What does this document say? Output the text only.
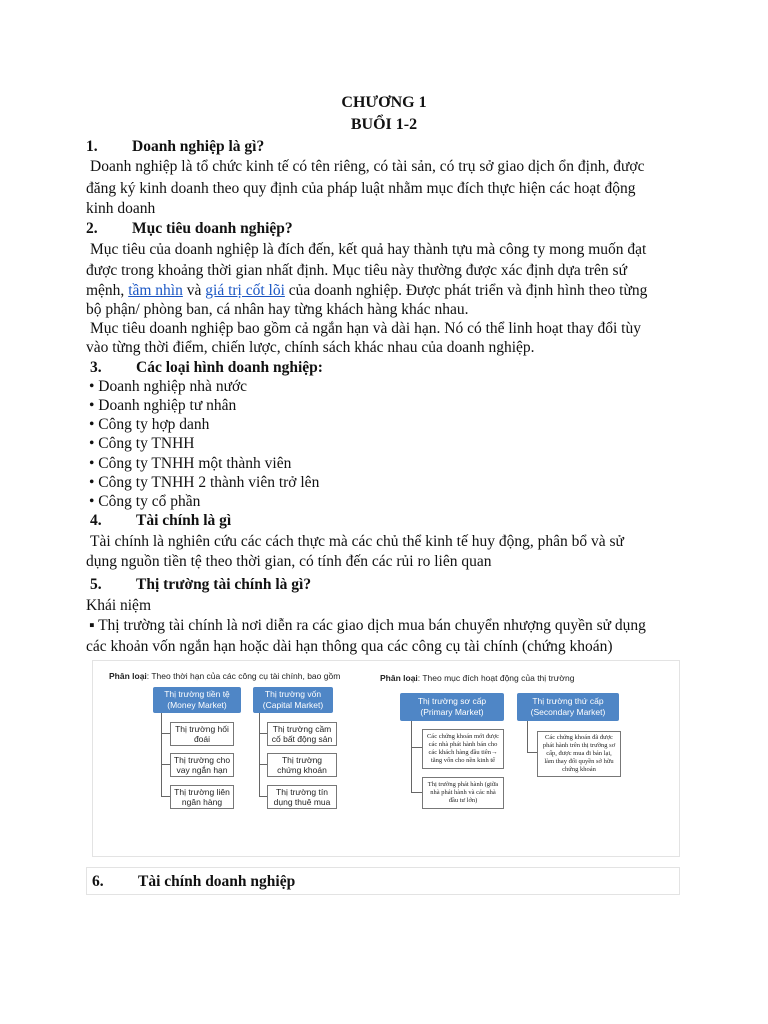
CHƯƠNG 1
BUỔI 1-2
1. Doanh nghiệp là gì?
Doanh nghiệp là tổ chức kinh tế có tên riêng, có tài sản, có trụ sở giao dịch ổn định, được
đăng ký kinh doanh theo quy định của pháp luật nhằm mục đích thực hiện các hoạt động
kinh doanh
2. Mục tiêu doanh nghiệp?
Mục tiêu của doanh nghiệp là đích đến, kết quả hay thành tựu mà công ty mong muốn đạt
được trong khoảng thời gian nhất định. Mục tiêu này thường được xác định dựa trên sứ
mệnh, tầm nhìn và giá trị cốt lõi của doanh nghiệp. Được phát triển và định hình theo từng
bộ phận/ phòng ban, cá nhân hay từng khách hàng khác nhau.
Mục tiêu doanh nghiệp bao gồm cả ngắn hạn và dài hạn. Nó có thể linh hoạt thay đổi tùy
vào từng thời điểm, chiến lược, chính sách khác nhau của doanh nghiệp.
3. Các loại hình doanh nghiệp:
• Doanh nghiệp nhà nước
• Doanh nghiệp tư nhân
• Công ty hợp danh
• Công ty TNHH
• Công ty TNHH một thành viên
• Công ty TNHH 2 thành viên trở lên
• Công ty cổ phần
4. Tài chính là gì
Tài chính là nghiên cứu các cách thực mà các chủ thể kinh tế huy động, phân bổ và sử
dụng nguồn tiền tệ theo thời gian, có tính đến các rủi ro liên quan
5. Thị trường tài chính là gì?
Khái niệm
▪ Thị trường tài chính là nơi diễn ra các giao dịch mua bán chuyển nhượng quyền sử dụng
các khoản vốn ngắn hạn hoặc dài hạn thông qua các công cụ tài chính (chứng khoán)
Phân loại: Theo thời hạn của các công cụ tài chính, bao gồm
Thị trường tiền tệ
(Money Market)
Thị trường vốn
(Capital Market)
Thị trường hối
đoái
Thị trường cho
vay ngắn hạn
Thị trường liên
ngân hàng
Thị trường cầm
cố bất động sản
Thị trường
chứng khoán
Thị trường tín
dụng thuê mua
Phân loại: Theo mục đích hoạt động của thị trường
Thị trường sơ cấp
(Primary Market)
Thị trường thứ cấp
(Secondary Market)
Các chứng khoán mới được
các nhà phát hành bán cho
các khách hàng đầu tiên→
tăng vốn cho nền kinh tế
Thị trường phát hành (giữa
nhà phát hành và các nhà
đầu tư lớn)
Các chứng khoán đã được
phát hành trên thị trường sơ
cấp, được mua đi bán lại,
làm thay đổi quyền sở hữu
chứng khoán
6. Tài chính doanh nghiệp
